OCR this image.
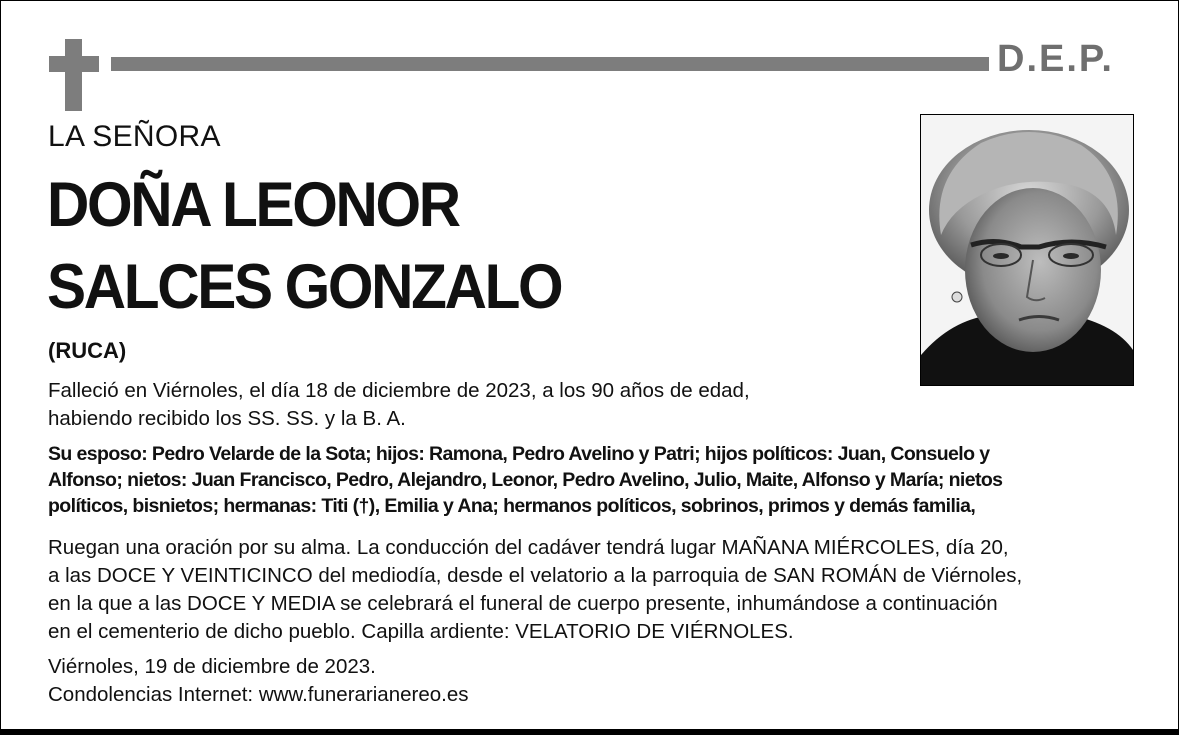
D.E.P.
LA SEÑORA
DOÑA LEONOR
SALCES GONZALO
(RUCA)
Falleció en Viérnoles, el día 18 de diciembre de 2023, a los 90 años de edad,
habiendo recibido los SS. SS. y la B. A.
Su esposo: Pedro Velarde de la Sota; hijos: Ramona, Pedro Avelino y Patri; hijos políticos: Juan, Consuelo y
Alfonso; nietos: Juan Francisco, Pedro, Alejandro, Leonor, Pedro Avelino, Julio, Maite, Alfonso y María; nietos
políticos, bisnietos; hermanas: Titi (†), Emilia y Ana; hermanos políticos, sobrinos, primos y demás familia,
Ruegan una oración por su alma. La conducción del cadáver tendrá lugar MAÑANA MIÉRCOLES, día 20,
a las DOCE Y VEINTICINCO del mediodía, desde el velatorio a la parroquia de SAN ROMÁN de Viérnoles,
en la que a las DOCE Y MEDIA se celebrará el funeral de cuerpo presente, inhumándose a continuación
en el cementerio de dicho pueblo. Capilla ardiente: VELATORIO DE VIÉRNOLES.
Viérnoles, 19 de diciembre de 2023.
Condolencias Internet: www.funerarianereo.es
